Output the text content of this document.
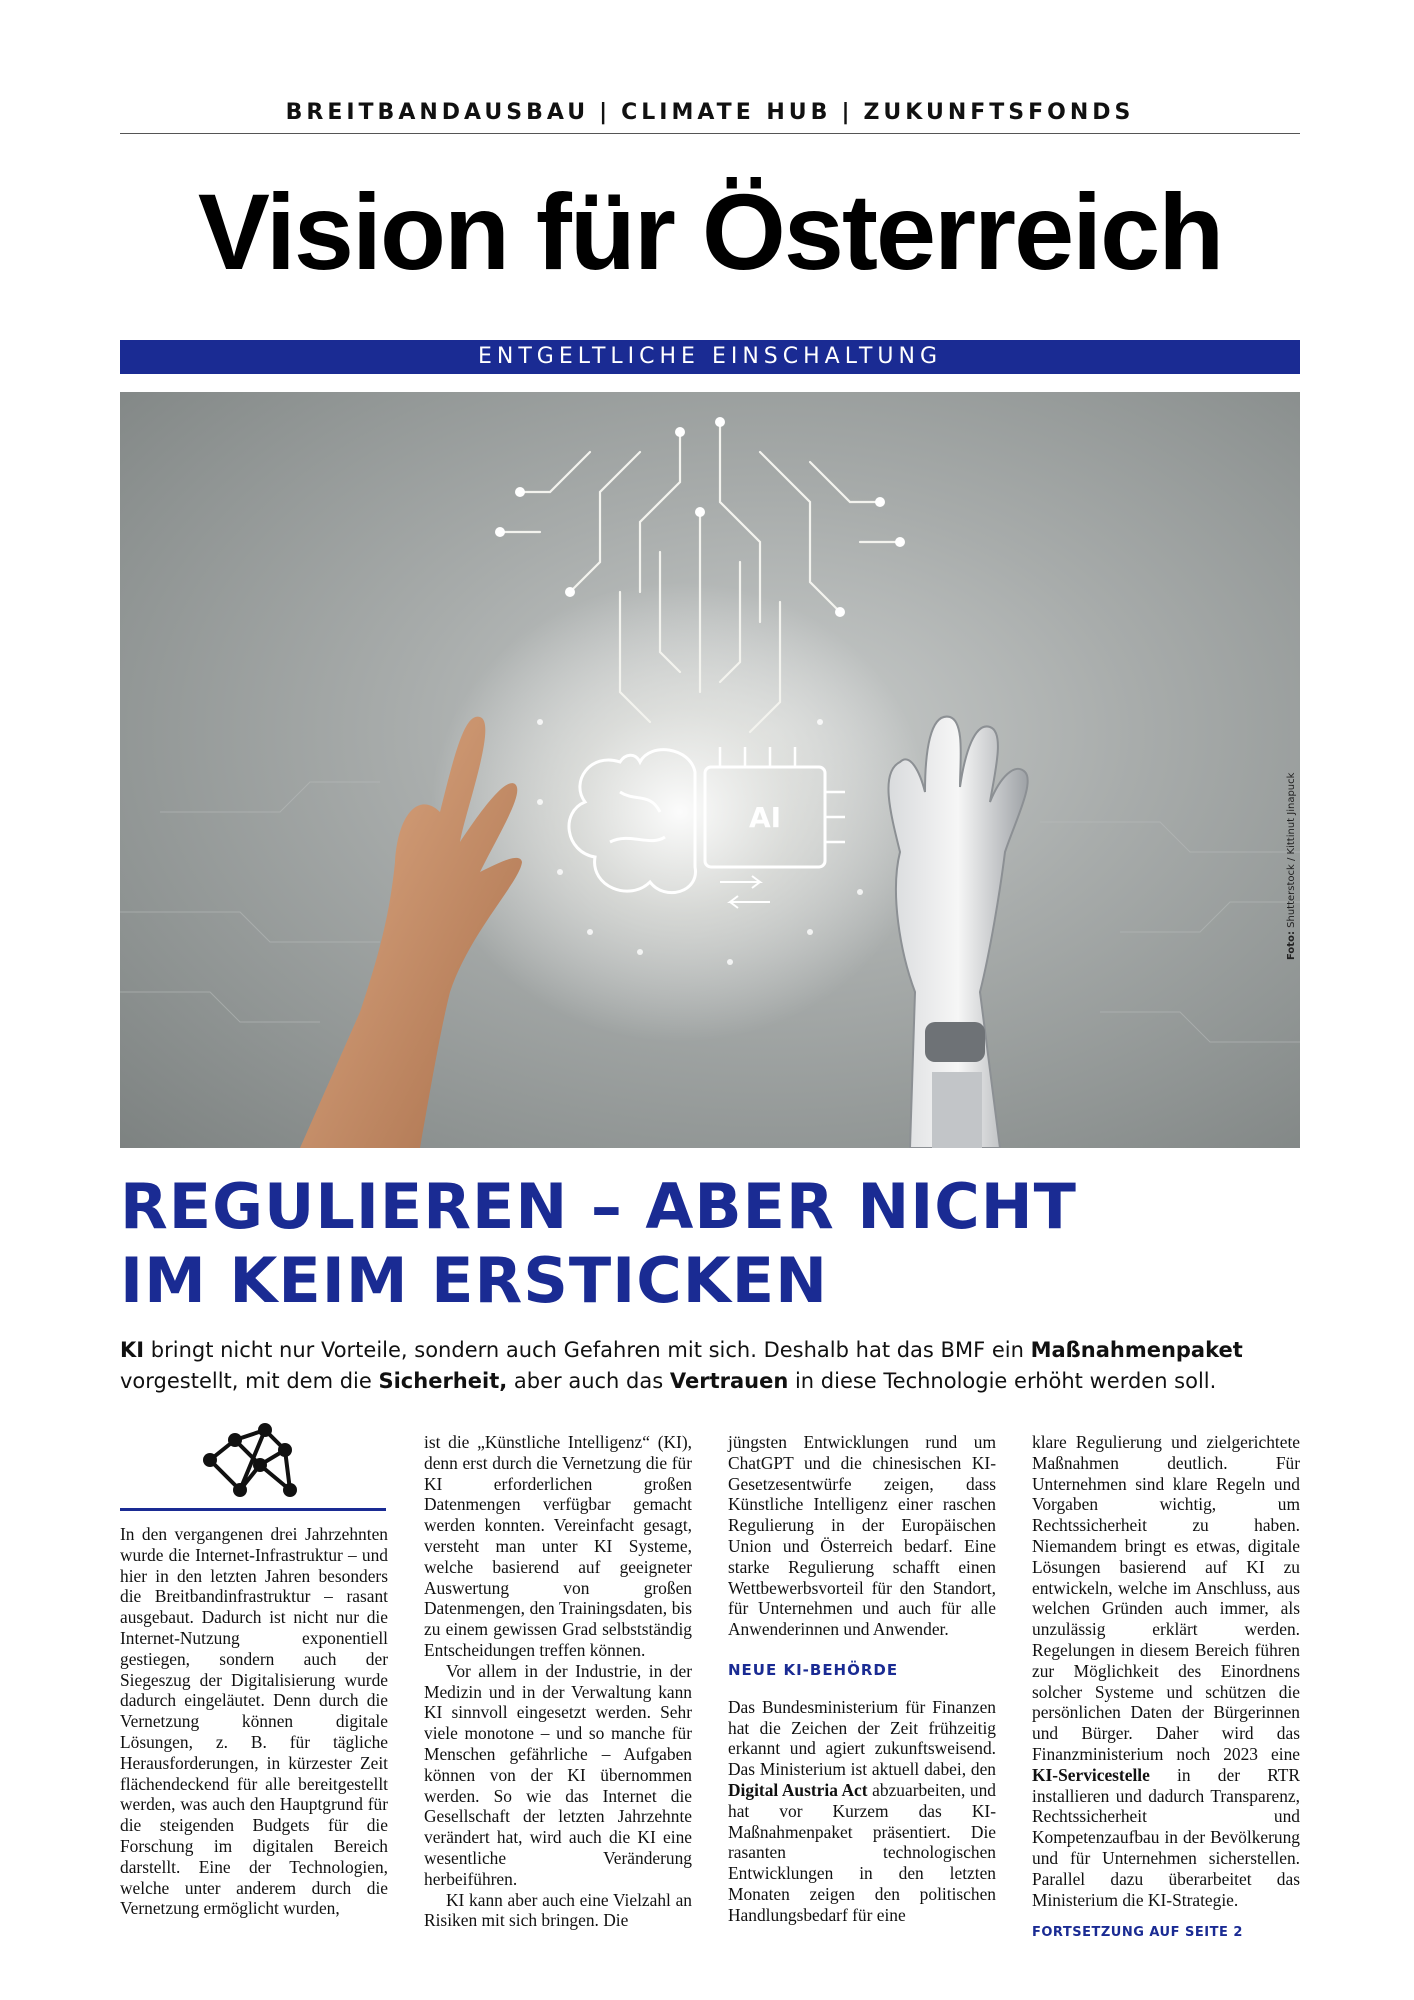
BREITBANDAUSBAU | CLIMATE HUB | ZUKUNFTSFONDS
Vision für Österreich
ENTGELTLICHE EINSCHALTUNG
AI
Foto: Shutterstock / Kittinut Jinapuck
REGULIEREN – ABER NICHT
IM KEIM ERSTICKEN
KI bringt nicht nur Vorteile, sondern auch Gefahren mit sich. Deshalb hat das BMF ein Maßnahmenpaket vorgestellt, mit dem die Sicherheit, aber auch das Vertrauen in diese Technologie erhöht werden soll.

In den vergangenen drei Jahrzehnten wurde die Internet-Infrastruktur – und hier in den letzten Jahren besonders die Breitbandinfrastruktur – rasant ausgebaut. Dadurch ist nicht nur die Internet-Nutzung exponentiell gestiegen, sondern auch der Siegeszug der Digitalisierung wurde dadurch eingeläutet. Denn durch die Vernetzung können digitale Lösungen, z. B. für tägliche Herausforderungen, in kürzester Zeit flächendeckend für alle bereitgestellt werden, was auch den Hauptgrund für die steigenden Budgets für die Forschung im digitalen Bereich darstellt. Eine der Technologien, welche unter anderem durch die Vernetzung ermöglicht wurden,

ist die „Künstliche Intelligenz“ (KI), denn erst durch die Vernetzung die für KI erforderlichen großen Datenmengen verfügbar gemacht werden konnten. Vereinfacht gesagt, versteht man unter KI Systeme, welche basierend auf geeigneter Auswertung von großen Datenmengen, den Trainingsdaten, bis zu einem gewissen Grad selbstständig Entscheidungen treffen können.

Vor allem in der Industrie, in der Medizin und in der Verwaltung kann KI sinnvoll eingesetzt werden. Sehr viele monotone – und so manche für Menschen gefährliche – Aufgaben können von der KI übernommen werden. So wie das Internet die Gesellschaft der letzten Jahrzehnte verändert hat, wird auch die KI eine wesentliche Veränderung herbeiführen.

KI kann aber auch eine Vielzahl an Risiken mit sich bringen. Die

jüngsten Entwicklungen rund um ChatGPT und die chinesischen KI-Gesetzesentwürfe zeigen, dass Künstliche Intelligenz einer raschen Regulierung in der Europäischen Union und Österreich bedarf. Eine starke Regulierung schafft einen Wettbewerbsvorteil für den Standort, für Unternehmen und auch für alle Anwenderinnen und Anwender.

NEUE KI-BEHÖRDE

Das Bundesministerium für Finanzen hat die Zeichen der Zeit frühzeitig erkannt und agiert zukunftsweisend. Das Ministerium ist aktuell dabei, den Digital Austria Act abzuarbeiten, und hat vor Kurzem das KI-Maßnahmenpaket präsentiert. Die rasanten technologischen Entwicklungen in den letzten Monaten zeigen den politischen Handlungsbedarf für eine

klare Regulierung und zielgerichtete Maßnahmen deutlich. Für Unternehmen sind klare Regeln und Vorgaben wichtig, um Rechtssicherheit zu haben. Niemandem bringt es etwas, digitale Lösungen basierend auf KI zu entwickeln, welche im Anschluss, aus welchen Gründen auch immer, als unzulässig erklärt werden. Regelungen in diesem Bereich führen zur Möglichkeit des Einordnens solcher Systeme und schützen die persönlichen Daten der Bürgerinnen und Bürger. Daher wird das Finanzministerium noch 2023 eine KI-Servicestelle in der RTR installieren und dadurch Transparenz, Rechtssicherheit und Kompetenzaufbau in der Bevölkerung und für Unternehmen sicherstellen. Parallel dazu überarbeitet das Ministerium die KI-Strategie.

FORTSETZUNG AUF SEITE 2
